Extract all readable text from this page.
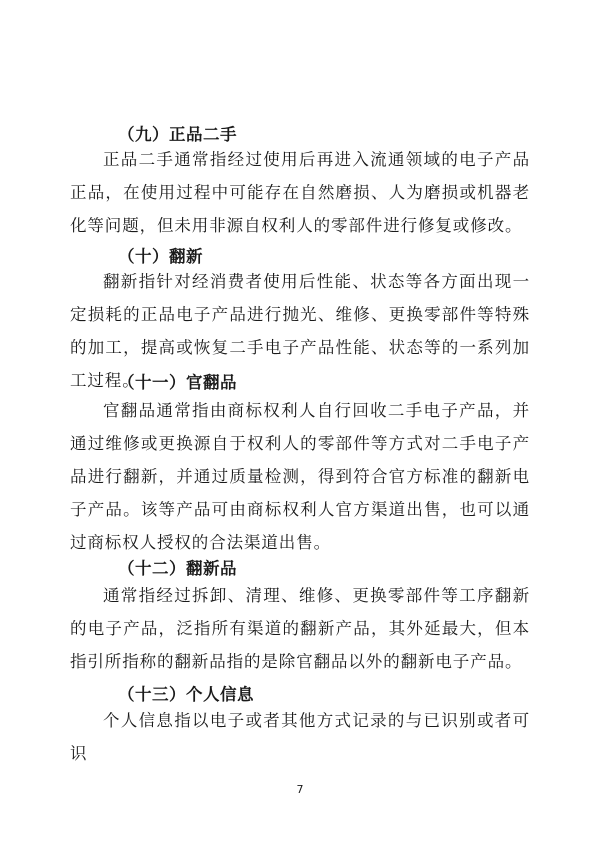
（九）正品二手

正品二手通常指经过使用后再进入流通领域的电子产品正品，在使用过程中可能存在自然磨损、人为磨损或机器老化等问题，但未用非源自权利人的零部件进行修复或修改。

（十）翻新

翻新指针对经消费者使用后性能、状态等各方面出现一定损耗的正品电子产品进行抛光、维修、更换零部件等特殊的加工，提高或恢复二手电子产品性能、状态等的一系列加工过程。

（十一）官翻品

官翻品通常指由商标权利人自行回收二手电子产品，并通过维修或更换源自于权利人的零部件等方式对二手电子产品进行翻新，并通过质量检测，得到符合官方标准的翻新电子产品。该等产品可由商标权利人官方渠道出售，也可以通过商标权人授权的合法渠道出售。

（十二）翻新品

通常指经过拆卸、清理、维修、更换零部件等工序翻新的电子产品，泛指所有渠道的翻新产品，其外延最大，但本指引所指称的翻新品指的是除官翻品以外的翻新电子产品。

（十三）个人信息

个人信息指以电子或者其他方式记录的与已识别或者可识

7
